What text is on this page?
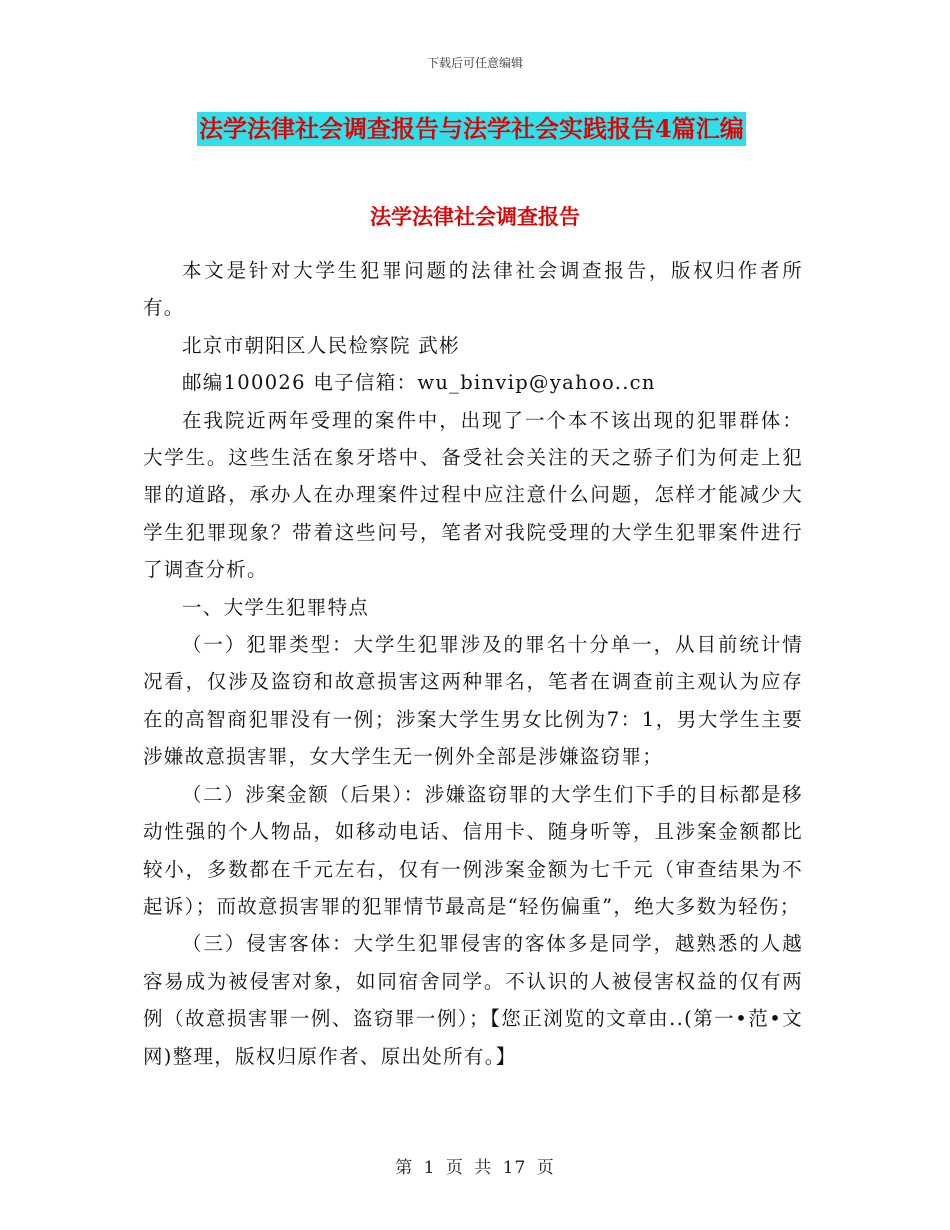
下载后可任意编辑
法学法律社会调查报告与法学社会实践报告4篇汇编
法学法律社会调查报告

本文是针对大学生犯罪问题的法律社会调查报告，版权归作者所有。

北京市朝阳区人民检察院 武彬

邮编100026 电子信箱：wu_binvip@yahoo..cn

在我院近两年受理的案件中，出现了一个本不该出现的犯罪群体：大学生。这些生活在象牙塔中、备受社会关注的天之骄子们为何走上犯罪的道路，承办人在办理案件过程中应注意什么问题，怎样才能减少大学生犯罪现象？带着这些问号，笔者对我院受理的大学生犯罪案件进行了调查分析。

一、大学生犯罪特点

（一）犯罪类型：大学生犯罪涉及的罪名十分单一，从目前统计情况看，仅涉及盗窃和故意损害这两种罪名，笔者在调查前主观认为应存在的高智商犯罪没有一例；涉案大学生男女比例为7：1，男大学生主要涉嫌故意损害罪，女大学生无一例外全部是涉嫌盗窃罪；

（二）涉案金额（后果）：涉嫌盗窃罪的大学生们下手的目标都是移动性强的个人物品，如移动电话、信用卡、随身听等，且涉案金额都比较小，多数都在千元左右，仅有一例涉案金额为七千元（审查结果为不起诉）；而故意损害罪的犯罪情节最高是“轻伤偏重”，绝大多数为轻伤；

（三）侵害客体：大学生犯罪侵害的客体多是同学，越熟悉的人越容易成为被侵害对象，如同宿舍同学。不认识的人被侵害权益的仅有两例（故意损害罪一例、盗窃罪一例）；【您正浏览的文章由..(第一•范•文网)整理，版权归原作者、原出处所有。】

第 1 页 共 17 页
